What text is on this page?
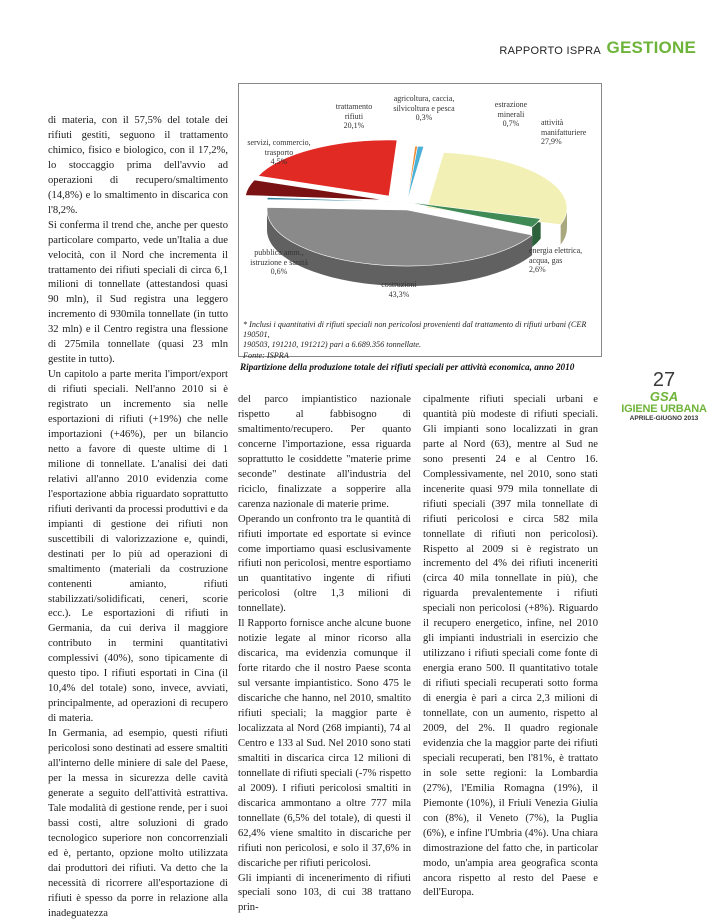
RAPPORTO ISPRA GESTIONE

di materia, con il 57,5% del totale dei rifiuti gestiti, seguono il trattamento chimico, fisico e biologico, con il 17,2%, lo stoccaggio prima dell'avvio ad operazioni di recupero/smaltimento (14,8%) e lo smaltimento in discarica con l'8,2%.

Si conferma il trend che, anche per questo particolare comparto, vede un'Italia a due velocità, con il Nord che incrementa il trattamento dei rifiuti speciali di circa 6,1 milioni di tonnellate (attestandosi quasi 90 mln), il Sud registra una leggero incremento di 930mila tonnellate (in tutto 32 mln) e il Centro registra una flessione di 275mila tonnellate (quasi 23 mln gestite in tutto).

Un capitolo a parte merita l'import/export di rifiuti speciali. Nell'anno 2010 si è registrato un incremento sia nelle esportazioni di rifiuti (+19%) che nelle importazioni (+46%), per un bilancio netto a favore di queste ultime di 1 milione di tonnellate. L'analisi dei dati relativi all'anno 2010 evidenzia come l'esportazione abbia riguardato soprattutto rifiuti derivanti da processi produttivi e da impianti di gestione dei rifiuti non suscettibili di valorizzazione e, quindi, destinati per lo più ad operazioni di smaltimento (materiali da costruzione contenenti amianto, rifiuti stabilizzati/solidificati, ceneri, scorie ecc.). Le esportazioni di rifiuti in Germania, da cui deriva il maggiore contributo in termini quantitativi complessivi (40%), sono tipicamente di questo tipo. I rifiuti esportati in Cina (il 10,4% del totale) sono, invece, avviati, principalmente, ad operazioni di recupero di materia.

In Germania, ad esempio, questi rifiuti pericolosi sono destinati ad essere smaltiti all'interno delle miniere di sale del Paese, per la messa in sicurezza delle cavità generate a seguito dell'attività estrattiva. Tale modalità di gestione rende, per i suoi bassi costi, altre soluzioni di grado tecnologico superiore non concorrenziali ed è, pertanto, opzione molto utilizzata dai produttori dei rifiuti. Va detto che la necessità di ricorrere all'esportazione di rifiuti è spesso da porre in relazione alla inadeguatezza

attività
manifatturiere
27,9%
energia elettrica,
acqua, gas
2,6%
costruzioni
43,3%
pubblica amm.,
istruzione e sanità
0,6%
servizi, commercio,
trasporto
4,5%
trattamento
rifiuti
20,1%
agricoltura, caccia,
silvicoltura e pesca
0,3%
estrazione
minerali
0,7%
* Inclusi i quantitativi di rifiuti speciali non pericolosi provenienti dal trattamento di rifiuti urbani (CER 190501,
190503, 191210, 191212) pari a 6.689.356 tonnellate.
Fonte: ISPRA
Ripartizione della produzione totale dei rifiuti speciali per attività economica, anno 2010
27
GSA
IGIENE URBANA
APRILE-GIUGNO 2013

del parco impiantistico nazionale rispetto al fabbisogno di smaltimento/recupero. Per quanto concerne l'importazione, essa riguarda soprattutto le cosiddette "materie prime seconde" destinate all'industria del riciclo, finalizzate a sopperire alla carenza nazionale di materie prime.

Operando un confronto tra le quantità di rifiuti importate ed esportate si evince come importiamo quasi esclusivamente rifiuti non pericolosi, mentre esportiamo un quantitativo ingente di rifiuti pericolosi (oltre 1,3 milioni di tonnellate).

Il Rapporto fornisce anche alcune buone notizie legate al minor ricorso alla discarica, ma evidenzia comunque il forte ritardo che il nostro Paese sconta sul versante impiantistico. Sono 475 le discariche che hanno, nel 2010, smaltito rifiuti speciali; la maggior parte è localizzata al Nord (268 impianti), 74 al Centro e 133 al Sud. Nel 2010 sono stati smaltiti in discarica circa 12 milioni di tonnellate di rifiuti speciali (-7% rispetto al 2009). I rifiuti pericolosi smaltiti in discarica ammontano a oltre 777 mila tonnellate (6,5% del totale), di questi il 62,4% viene smaltito in discariche per rifiuti non pericolosi, e solo il 37,6% in discariche per rifiuti pericolosi.

Gli impianti di incenerimento di rifiuti speciali sono 103, di cui 38 trattano prin-

cipalmente rifiuti speciali urbani e quantità più modeste di rifiuti speciali. Gli impianti sono localizzati in gran parte al Nord (63), mentre al Sud ne sono presenti 24 e al Centro 16. Complessivamente, nel 2010, sono stati incenerite quasi 979 mila tonnellate di rifiuti speciali (397 mila tonnellate di rifiuti pericolosi e circa 582 mila tonnellate di rifiuti non pericolosi). Rispetto al 2009 si è registrato un incremento del 4% dei rifiuti inceneriti (circa 40 mila tonnellate in più), che riguarda prevalentemente i rifiuti speciali non pericolosi (+8%). Riguardo il recupero energetico, infine, nel 2010 gli impianti industriali in esercizio che utilizzano i rifiuti speciali come fonte di energia erano 500. Il quantitativo totale di rifiuti speciali recuperati sotto forma di energia è pari a circa 2,3 milioni di tonnellate, con un aumento, rispetto al 2009, del 2%. Il quadro regionale evidenzia che la maggior parte dei rifiuti speciali recuperati, ben l'81%, è trattato in sole sette regioni: la Lombardia (27%), l'Emilia Romagna (19%), il Piemonte (10%), il Friuli Venezia Giulia con (8%), il Veneto (7%), la Puglia (6%), e infine l'Umbria (4%). Una chiara dimostrazione del fatto che, in particolar modo, un'ampia area geografica sconta ancora rispetto al resto del Paese e dell'Europa.
